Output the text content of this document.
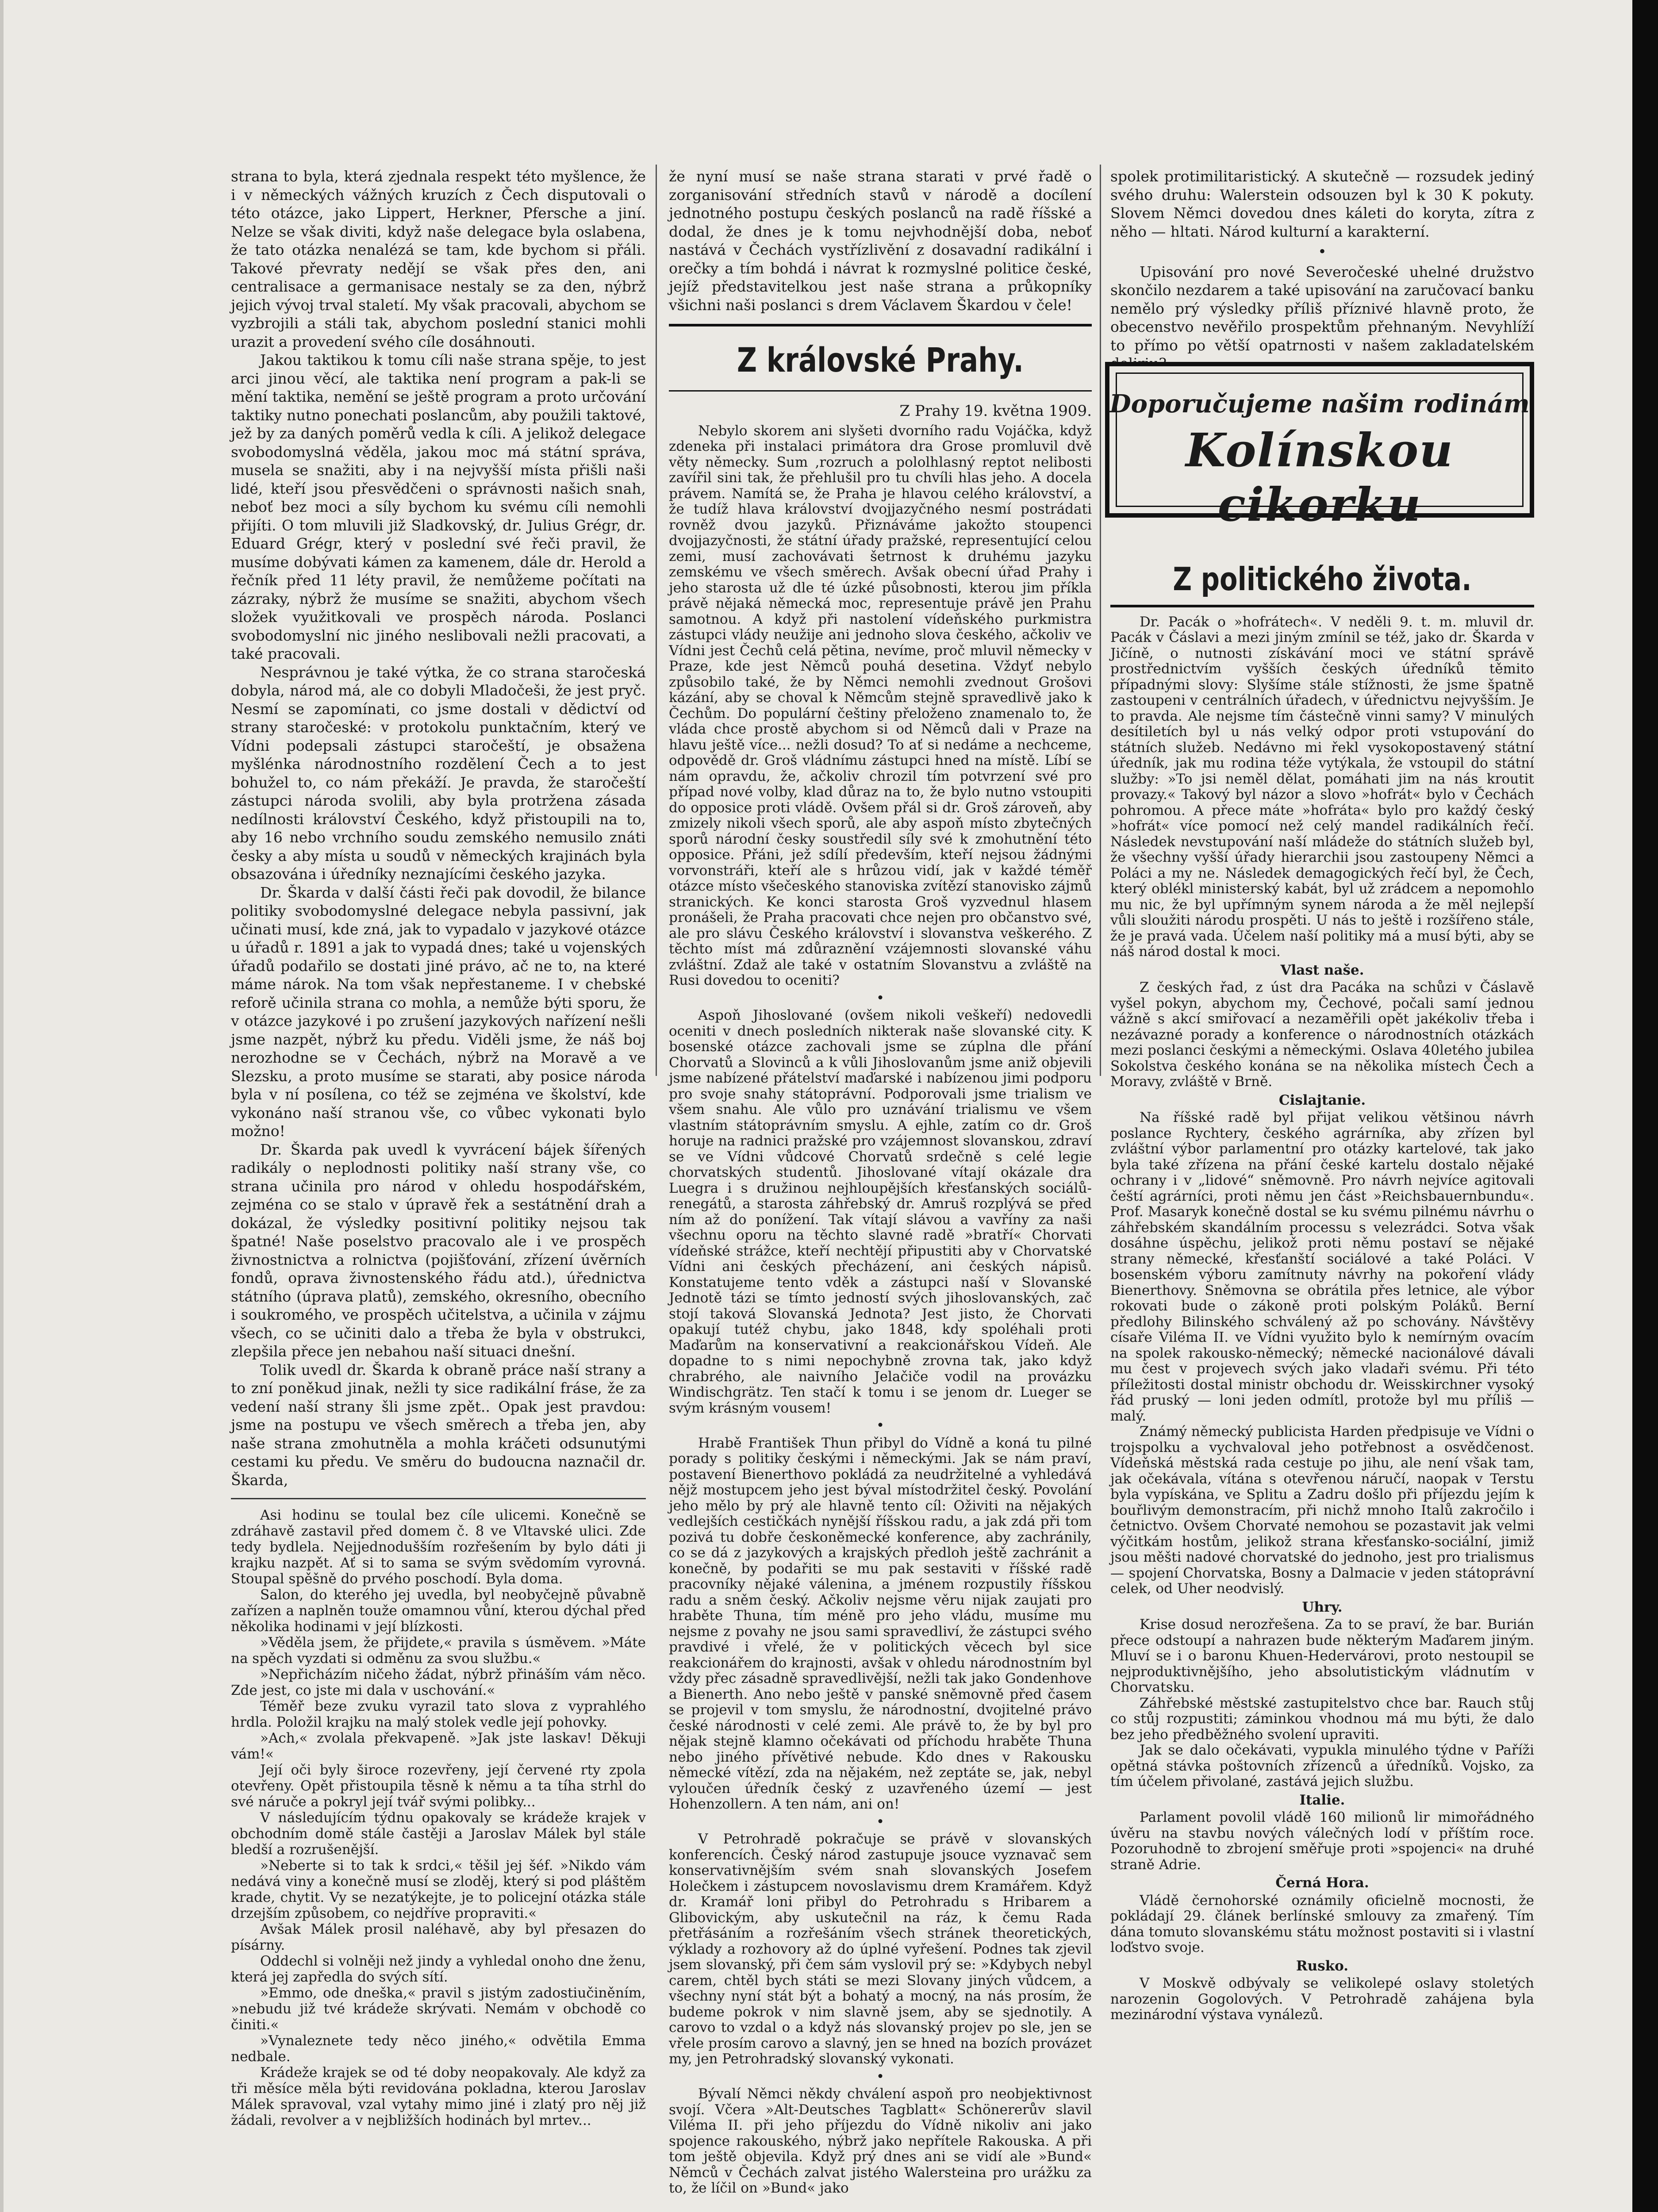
strana to byla, která zjednala respekt této myšlence, že i v německých vážných kruzích z Čech disputovali o této otázce, jako Lippert, Herkner, Pfersche a jiní. Nelze se však diviti, když naše delegace byla oslabena, že tato otázka nenalézá se tam, kde bychom si přáli. Takové převraty nedějí se však přes den, ani centralisace a germanisace nestaly se za den, nýbrž jejich vývoj trval staletí. My však pracovali, abychom se vyzbrojili a stáli tak, abychom poslední stanici mohli urazit a provedení svého cíle dosáhnouti.

Jakou taktikou k tomu cíli naše strana spěje, to jest arci jinou věcí, ale taktika není program a pak-li se mění taktika, nemění se ještě program a proto určování taktiky nutno ponechati poslancům, aby použili taktové, jež by za daných poměrů vedla k cíli. A jelikož delegace svobodomyslná věděla, jakou moc má státní správa, musela se snažiti, aby i na nejvyšší místa přišli naši lidé, kteří jsou přesvědčeni o správnosti našich snah, neboť bez moci a síly bychom ku svému cíli nemohli přijíti. O tom mluvili již Sladkovský, dr. Julius Grégr, dr. Eduard Grégr, který v poslední své řeči pravil, že musíme dobývati kámen za kamenem, dále dr. Herold a řečník před 11 léty pravil, že nemůžeme počítati na zázraky, nýbrž že musíme se snažiti, abychom všech složek využitkovali ve prospěch národa. Poslanci svobodomyslní nic jiného neslibovali nežli pracovati, a také pracovali.

Nesprávnou je také výtka, že co strana staročeská dobyla, národ má, ale co dobyli Mladočeši, že jest pryč. Nesmí se zapomínati, co jsme dostali v dědictví od strany staročeské: v protokolu punktačním, který ve Vídni podepsali zástupci staročeští, je obsažena myšlénka národnostního rozdělení Čech a to jest bohužel to, co nám překáží. Je pravda, že staročeští zástupci národa svolili, aby byla protržena zásada nedílnosti království Českého, když přistoupili na to, aby 16 nebo vrchního soudu zemského nemusilo znáti česky a aby místa u soudů v německých krajinách byla obsazována i úředníky neznajícími českého jazyka.

Dr. Škarda v další části řeči pak dovodil, že bilance politiky svobodomyslné delegace nebyla passivní, jak učinati musí, kde zná, jak to vypadalo v jazykové otázce u úřadů r. 1891 a jak to vypadá dnes; také u vojenských úřadů podařilo se dostati jiné právo, ač ne to, na které máme nárok. Na tom však nepřestaneme. I v chebské reforě učinila strana co mohla, a nemůže býti sporu, že v otázce jazykové i po zrušení jazykových nařízení nešli jsme nazpět, nýbrž ku předu. Viděli jsme, že náš boj nerozhodne se v Čechách, nýbrž na Moravě a ve Slezsku, a proto musíme se starati, aby posice národa byla v ní posílena, co též se zejména ve školství, kde vykonáno naší stranou vše, co vůbec vykonati bylo možno!

Dr. Škarda pak uvedl k vyvrácení bájek šířených radikály o neplodnosti politiky naší strany vše, co strana učinila pro národ v ohledu hospodářském, zejména co se stalo v úpravě řek a sestátnění drah a dokázal, že výsledky positivní politiky nejsou tak špatné! Naše poselstvo pracovalo ale i ve prospěch živnostnictva a rolnictva (pojišťování, zřízení úvěrních fondů, oprava živnostenského řádu atd.), úřednictva státního (úprava platů), zemského, okresního, obecního i soukromého, ve prospěch učitelstva, a učinila v zájmu všech, co se učiniti dalo a třeba že byla v obstrukci, zlepšila přece jen nebahou naší situaci dnešní.

Tolik uvedl dr. Škarda k obraně práce naší strany a to zní poněkud jinak, nežli ty sice radikální fráse, že za vedení naší strany šli jsme zpět.. Opak jest pravdou: jsme na postupu ve všech směrech a třeba jen, aby naše strana zmohutněla a mohla kráčeti odsunutými cestami ku předu. Ve směru do budoucna naznačil dr. Škarda,

Asi hodinu se toulal bez cíle ulicemi. Konečně se zdráhavě zastavil před domem č. 8 ve Vltavské ulici. Zde tedy bydlela. Nejjednodušším rozřešením by bylo dáti ji krajku nazpět. Ať si to sama se svým svědomím vyrovná. Stoupal spěšně do prvého poschodí. Byla doma.

Salon, do kterého jej uvedla, byl neobyčejně půvabně zařízen a naplněn touže omamnou vůní, kterou dýchal před několika hodinami v její blízkosti.

»Věděla jsem, že přijdete,« pravila s úsměvem. »Máte na spěch vyzdati si odměnu za svou službu.«

»Nepřicházím ničeho žádat, nýbrž přináším vám něco. Zde jest, co jste mi dala v uschování.«

Téměř beze zvuku vyrazil tato slova z vyprahlého hrdla. Položil krajku na malý stolek vedle její pohovky.

»Ach,« zvolala překvapeně. »Jak jste laskav! Děkuji vám!«

Její oči byly široce rozevřeny, její červené rty zpola otevřeny. Opět přistoupila těsně k němu a ta tíha strhl do své náruče a pokryl její tvář svými polibky...

V následujícím týdnu opakovaly se krádeže krajek v obchodním domě stále častěji a Jaroslav Málek byl stále bledší a rozrušenější.

»Neberte si to tak k srdci,« těšil jej šéf. »Nikdo vám nedává viny a konečně musí se zloděj, který si pod pláštěm krade, chytit. Vy se nezatýkejte, je to policejní otázka stále drzejším způsobem, co nejdříve propraviti.«

Avšak Málek prosil naléhavě, aby byl přesazen do písárny.

Oddechl si volněji než jindy a vyhledal onoho dne ženu, která jej zapředla do svých sítí.

»Emmo, ode dneška,« pravil s jistým zadostiučiněním, »nebudu již tvé krádeže skrývati. Nemám v obchodě co činiti.«

»Vynaleznete tedy něco jiného,« odvětila Emma nedbale.

Krádeže krajek se od té doby neopakovaly. Ale když za tři měsíce měla býti revidována pokladna, kterou Jaroslav Málek spravoval, vzal vytahy mimo jiné i zlatý pro něj již žádali, revolver a v nejbližších hodinách byl mrtev...

že nyní musí se naše strana starati v prvé řadě o zorganisování středních stavů v národě a docílení jednotného postupu českých poslanců na radě říšské a dodal, že dnes je k tomu nejvhodnější doba, neboť nastává v Čechách vystřízlivění z dosavadní radikální i orečky a tím bohdá i návrat k rozmyslné politice české, jejíž představitelkou jest naše strana a průkopníky všichni naši poslanci s drem Václavem Škardou v čele!

Z královské Prahy.
Z Prahy 19. května 1909.

Nebylo skorem ani slyšeti dvorního radu Vojáčka, když zdeneka při instalaci primátora dra Grose promluvil dvě věty německy. Sum ,rozruch a pololhlasný reptot nelibosti zavířil sini tak, že přehlušil pro tu chvíli hlas jeho. A docela právem. Namítá se, že Praha je hlavou celého království, a že tudíž hlava království dvojjazyčného nesmí postrádati rovněž dvou jazyků. Přiznáváme jakožto stoupenci dvojjazyčnosti, že státní úřady pražské, representující celou zemi, musí zachovávati šetrnost k druhému jazyku zemskému ve všech směrech. Avšak obecní úřad Prahy i jeho starosta už dle té úzké působnosti, kterou jim příkla právě nějaká německá moc, representuje právě jen Prahu samotnou. A když při nastolení vídeňského purkmistra zástupci vlády neužije ani jednoho slova českého, ačkoliv ve Vídni jest Čechů celá pětina, nevíme, proč mluvil německy v Praze, kde jest Němců pouhá desetina. Vždyť nebylo způsobilo také, že by Němci nemohli zvednout Grošovi kázání, aby se choval k Němcům stejně spravedlivě jako k Čechům. Do populární češtiny přeloženo znamenalo to, že vláda chce prostě abychom si od Němců dali v Praze na hlavu ještě více... nežli dosud? To ať si nedáme a nechceme, odpovědě dr. Groš vládnímu zástupci hned na místě. Líbí se nám opravdu, že, ačkoliv chrozil tím potvrzení své pro případ nové volby, klad důraz na to, že bylo nutno vstoupiti do opposice proti vládě. Ovšem přál si dr. Groš zároveň, aby zmizely nikoli všech sporů, ale aby aspoň místo zbytečných sporů národní česky soustředil síly své k zmohutnění této opposice. Přáni, jež sdílí především, kteří nejsou žádnými vorvonstráři, kteří ale s hrůzou vidí, jak v každé téměř otázce místo všečeského stanoviska zvítězí stanovisko zájmů stranických. Ke konci starosta Groš vyzvednul hlasem pronášeli, že Praha pracovati chce nejen pro občanstvo své, ale pro slávu Českého království i slovanstva veškerého. Z těchto míst má zdůraznění vzájemnosti slovanské váhu zvláštní. Zdaž ale také v ostatním Slovanstvu a zvláště na Rusi dovedou to oceniti?

•

Aspoň Jihoslované (ovšem nikoli veškeří) nedovedli oceniti v dnech posledních nikterak naše slovanské city. K bosenské otázce zachovali jsme se zúplna dle přání Chorvatů a Slovinců a k vůli Jihoslovanům jsme aniž objevili jsme nabízené přátelství maďarské i nabízenou jimi podporu pro svoje snahy státoprávní. Podporovali jsme trialism ve všem snahu. Ale vůlo pro uznávání trialismu ve všem vlastním státoprávním smyslu. A ejhle, zatím co dr. Groš horuje na radnici pražské pro vzájemnost slovanskou, zdraví se ve Vídni vůdcové Chorvatů srdečně s celé legie chorvatských studentů. Jihoslované vítají okázale dra Luegra i s družinou nejhloupějších křesťanských sociálů-renegátů, a starosta záhřebský dr. Amruš rozplývá se před ním až do ponížení. Tak vítají slávou a vavříny za naši všechnu oporu na těchto slavné radě »bratří« Chorvati vídeňské strážce, kteří nechtějí připustiti aby v Chorvatské Vídni ani českých přecházení, ani českých nápisů. Konstatujeme tento vděk a zástupci naší v Slovanské Jednotě tázi se tímto jedností svých jihoslovanských, zač stojí taková Slovanská Jednota? Jest jisto, že Chorvati opakují tutéž chybu, jako 1848, kdy spoléhali proti Maďarům na konservativní a reakcionářskou Vídeň. Ale dopadne to s nimi nepochybně zrovna tak, jako když chrabrého, ale naivního Jelačiče vodil na provázku Windischgrätz. Ten stačí k tomu i se jenom dr. Lueger se svým krásným vousem!

•

Hrabě František Thun přibyl do Vídně a koná tu pilné porady s politiky českými i německými. Jak se nám praví, postavení Bienerthovo pokládá za neudržitelné a vyhledává nějž mostupcem jeho jest býval místodržitel český. Povolání jeho mělo by prý ale hlavně tento cíl: Oživiti na nějakých vedlejších cestičkách nynější říšskou radu, a jak zdá při tom pozivá tu dobře českoněmecké konference, aby zachránily, co se dá z jazykových a krajských předloh ještě zachránit a konečně, by podařiti se mu pak sestaviti v říšské radě pracovníky nějaké válenina, a jménem rozpustily říšskou radu a sněm český. Ačkoliv nejsme věru nijak zaujati pro hraběte Thuna, tím méně pro jeho vládu, musíme mu nejsme z povahy ne jsou sami spravedliví, že zástupci svého pravdivé i vřelé, že v politických věcech byl sice reakcionářem do krajnosti, avšak v ohledu národnostním byl vždy přec zásadně spravedlivější, nežli tak jako Gondenhove a Bienerth. Ano nebo ještě v panské sněmovně před časem se projevil v tom smyslu, že národnostní, dvojitelné právo české národnosti v celé zemi. Ale právě to, že by byl pro nějak stejně klamno očekávati od příchodu hraběte Thuna nebo jiného přívětivé nebude. Kdo dnes v Rakousku německé vítězí, zda na nějakém, než zeptáte se, jak, nebyl vyloučen úředník český z uzavřeného území — jest Hohenzollern. A ten nám, ani on!

•

V Petrohradě pokračuje se právě v slovanských konferencích. Český národ zastupuje jsouce vyznavač sem konservativnějším svém snah slovanských Josefem Holečkem i zástupcem novoslavismu drem Kramářem. Když dr. Kramář loni přibyl do Petrohradu s Hribarem a Glibovickým, aby uskutečnil na ráz, k čemu Rada přetřásáním a rozřešáním všech stránek theoretických, výklady a rozhovory až do úplné vyřešení. Podnes tak zjevil jsem slovanský, při čem sám vyslovil prý se: »Kdybych nebyl carem, chtěl bych státi se mezi Slovany jiných vůdcem, a všechny nyní stát být a bohatý a mocný, na nás prosím, že budeme pokrok v nim slavně jsem, aby se sjednotily. A carovo to vzdal o a když nás slovanský projev po sle, jen se vřele prosím carovo a slavný, jen se hned na bozích provázet my, jen Petrohradský slovanský vykonati.

•

Bývalí Němci někdy chválení aspoň pro neobjektivnost svojí. Včera »Alt-Deutsches Tagblatt« Schönererův slavil Viléma II. při jeho příjezdu do Vídně nikoliv ani jako spojence rakouského, nýbrž jako nepřítele Rakouska. A při tom ještě objevila. Když prý dnes ani se vidí ale »Bund« Němců v Čechách zalvat jistého Walersteina pro urážku za to, že líčil on »Bund« jako

spolek protimilitaristický. A skutečně — rozsudek jediný svého druhu: Walerstein odsouzen byl k 30 K pokuty. Slovem Němci dovedou dnes káleti do koryta, zítra z něho — hltati. Národ kulturní a karakterní.

•

Upisování pro nové Severočeské uhelné družstvo skončilo nezdarem a také upisování na zaručovací banku nemělo prý výsledky příliš příznivé hlavně proto, že obecenstvo nevěřilo prospektům přehnaným. Nevyhlíží to přímo po větší opatrnosti v našem zakladatelském

Z politického života.

Dr. Pacák o »hofrátech«. V neděli 9. t. m. mluvil dr. Pacák v Čáslavi a mezi jiným zmínil se též, jako dr. Škarda v Jičíně, o nutnosti získávání moci ve státní správě prostřednictvím vyšších českých úředníků těmito případnými slovy: Slyšíme stále stížnosti, že jsme špatně zastoupeni v centrálních úřadech, v úřednictvu nejvyšším. Je to pravda. Ale nejsme tím částečně vinni samy? V minulých desítiletích byl u nás velký odpor proti vstupování do státních služeb. Nedávno mi řekl vysokopostavený státní úředník, jak mu rodina téže vytýkala, že vstoupil do státní služby: »To jsi neměl dělat, pomáhati jim na nás kroutit provazy.« Takový byl názor a slovo »hofrát« bylo v Čechách pohromou. A přece máte »hofráta« bylo pro každý český »hofrát« více pomocí než celý mandel radikálních řečí. Následek nevstupování naší mládeže do státních služeb byl, že všechny vyšší úřady hierarchii jsou zastoupeny Němci a Poláci a my ne. Následek demagogických řečí byl, že Čech, který oblékl ministerský kabát, byl už zrádcem a nepomohlo mu nic, že byl upřímným synem národa a že měl nejlepší vůli sloužiti národu prospěti. U nás to ještě i rozšířeno stále, že je pravá vada. Účelem naší politiky má a musí býti, aby se náš národ dostal k moci.

Vlast naše.

Z českých řad, z úst dra Pacáka na schůzi v Čáslavě vyšel pokyn, abychom my, Čechové, počali samí jednou vážně s akcí smiřovací a nezaměřili opět jakékoliv třeba i nezávazné porady a konference o národnostních otázkách mezi poslanci českými a německými. Oslava 40letého jubilea Sokolstva českého konána se na několika místech Čech a Moravy, zvláště v Brně.

Cislajtanie.

Na říšské radě byl přijat velikou většinou návrh poslance Rychtery, českého agrárníka, aby zřízen byl zvláštní výbor parlamentní pro otázky kartelové, tak jako byla také zřízena na přání české kartelu dostalo nějaké ochrany i v „lidové“ sněmovně. Pro návrh nejvíce agitovali čeští agrárníci, proti němu jen část »Reichsbauernbundu«. Prof. Masaryk konečně dostal se ku svému pilnému návrhu o záhřebském skandálním processu s velezrádci. Sotva však dosáhne úspěchu, jelikož proti němu postaví se nějaké strany německé, křesťanští sociálové a také Poláci. V bosenském výboru zamítnuty návrhy na pokoření vlády Bienerthovy. Sněmovna se obrátila přes letnice, ale výbor rokovati bude o zákoně proti polským Poláků. Berní předlohy Bilinského schválený až po schovány. Návštěvy císaře Viléma II. ve Vídni využito bylo k nemírným ovacím na spolek rakousko-německý; německé nacionálové dávali mu čest v projevech svých jako vladaři svému. Při této příležitosti dostal ministr obchodu dr. Weisskirchner vysoký řád pruský — loni jeden odmítl, protože byl mu příliš — malý.

Známý německý publicista Harden předpisuje ve Vídni o trojspolku a vychvaloval jeho potřebnost a osvědčenost. Vídeňská městská rada cestuje po jihu, ale není však tam, jak očekávala, vítána s otevřenou náručí, naopak v Terstu byla vypískána, ve Splitu a Zadru došlo při příjezdu jejím k bouřlivým demonstracím, při nichž mnoho Italů zakročilo i četnictvo. Ovšem Chorvaté nemohou se pozastavit jak velmi výčitkám hostům, jelikož strana křesťansko-sociální, jimiž jsou měšti nadové chorvatské do jednoho, jest pro trialismus — spojení Chorvatska, Bosny a Dalmacie v jeden státoprávní celek, od Uher neodvislý.

Uhry.

Krise dosud nerozřešena. Za to se praví, že bar. Burián přece odstoupí a nahrazen bude některým Maďarem jiným. Mluví se i o baronu Khuen-Hedervárovi, proto nestoupil se nejproduktivnějšího, jeho absolutistickým vládnutím v Chorvatsku.

Záhřebské městské zastupitelstvo chce bar. Rauch stůj co stůj rozpustiti; záminkou vhodnou má mu býti, že dalo bez jeho předběžného svolení upraviti.

Jak se dalo očekávati, vypukla minulého týdne v Paříži opětná stávka poštovních zřízenců a úředníků. Vojsko, za tím účelem přivolané, zastává jejich službu.

Italie.

Parlament povolil vládě 160 milionů lir mimořádného úvěru na stavbu nových válečných lodí v příštím roce. Pozoruhodně to zbrojení směřuje proti »spojenci« na druhé straně Adrie.

Černá Hora.

Vládě černohorské oznámily oficielně mocnosti, že pokládají 29. článek berlínské smlouvy za zmařený. Tím dána tomuto slovanskému státu možnost postaviti si i vlastní loďstvo svoje.

Rusko.

V Moskvě odbývaly se velikolepé oslavy stoletých narozenin Gogolových. V Petrohradě zahájena byla mezinárodní výstava vynálezů.

Doporučujeme našim rodinám
Kolínskou cikorku
